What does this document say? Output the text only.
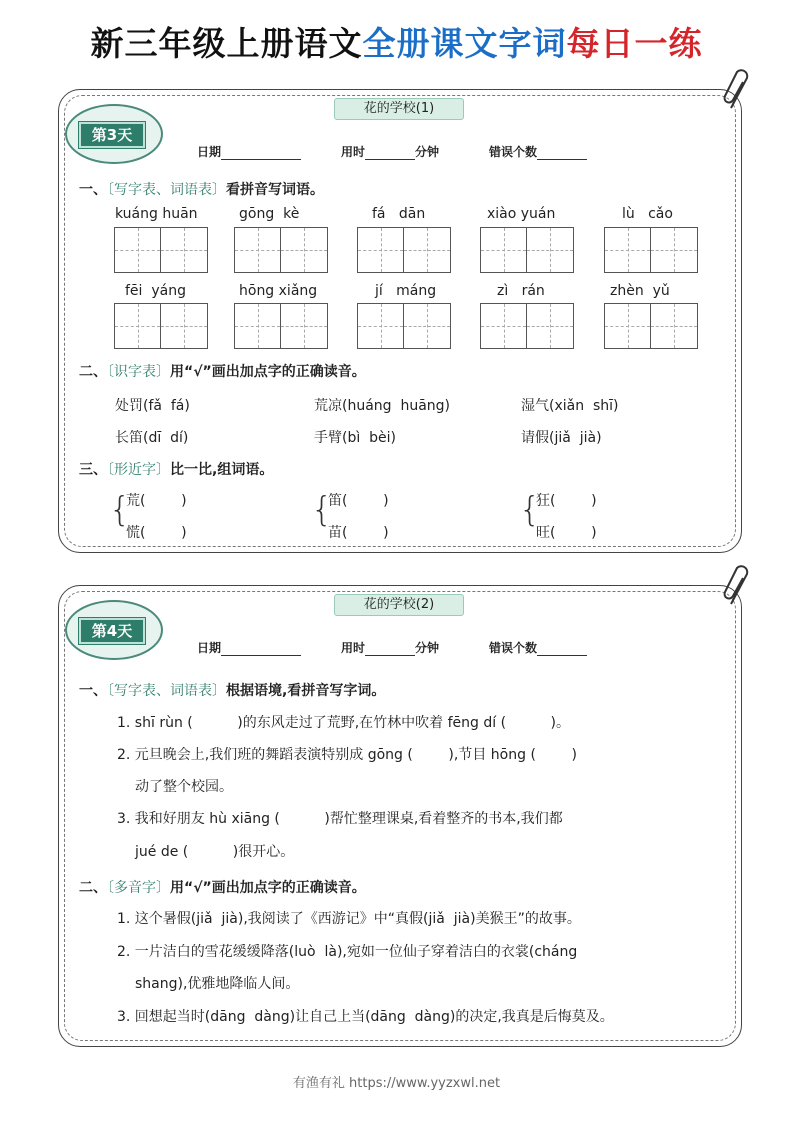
新三年级上册语文全册课文字词每日一练
第3天
花的学校(1)
日期	用时	分钟	错误个数
一、〔写字表、词语表〕看拼音写词语。
kuáng huān	gōng  kè	fá   dān	xiào yuán	lù   cǎo
fēi  yáng	hōng xiǎng	jí   máng	zì   rán	zhèn  yǔ
二、〔识字表〕用“√”画出加点字的正确读音。
处罚(fǎ  fá)	荒凉(huáng  huāng)	湿气(xiǎn  shī)
长笛(dī  dí)	手臂(bì  bèi)	请假(jiǎ  jià)
三、〔形近字〕比一比,组词语。
{
荒(        )
慌(        )
{
笛(        )
苗(        )
{
狂(        )
旺(        )
第4天
花的学校(2)
日期	用时	分钟	错误个数
一、〔写字表、词语表〕根据语境,看拼音写字词。
1. shī rùn (          )的东风走过了荒野,在竹林中吹着 fēng dí (          )。
2. 元旦晚会上,我们班的舞蹈表演特别成 gōng (        ),节目 hōng (        )
动了整个校园。
3. 我和好朋友 hù xiāng (          )帮忙整理课桌,看着整齐的书本,我们都
jué de (          )很开心。
二、〔多音字〕用“√”画出加点字的正确读音。
1. 这个暑假(jiǎ  jià),我阅读了《西游记》中“真假(jiǎ  jià)美猴王”的故事。
2. 一片洁白的雪花缓缓降落(luò  là),宛如一位仙子穿着洁白的衣裳(cháng
shang),优雅地降临人间。
3. 回想起当时(dāng  dàng)让自己上当(dāng  dàng)的决定,我真是后悔莫及。
有渔有礼 https://www.yyzxwl.net
